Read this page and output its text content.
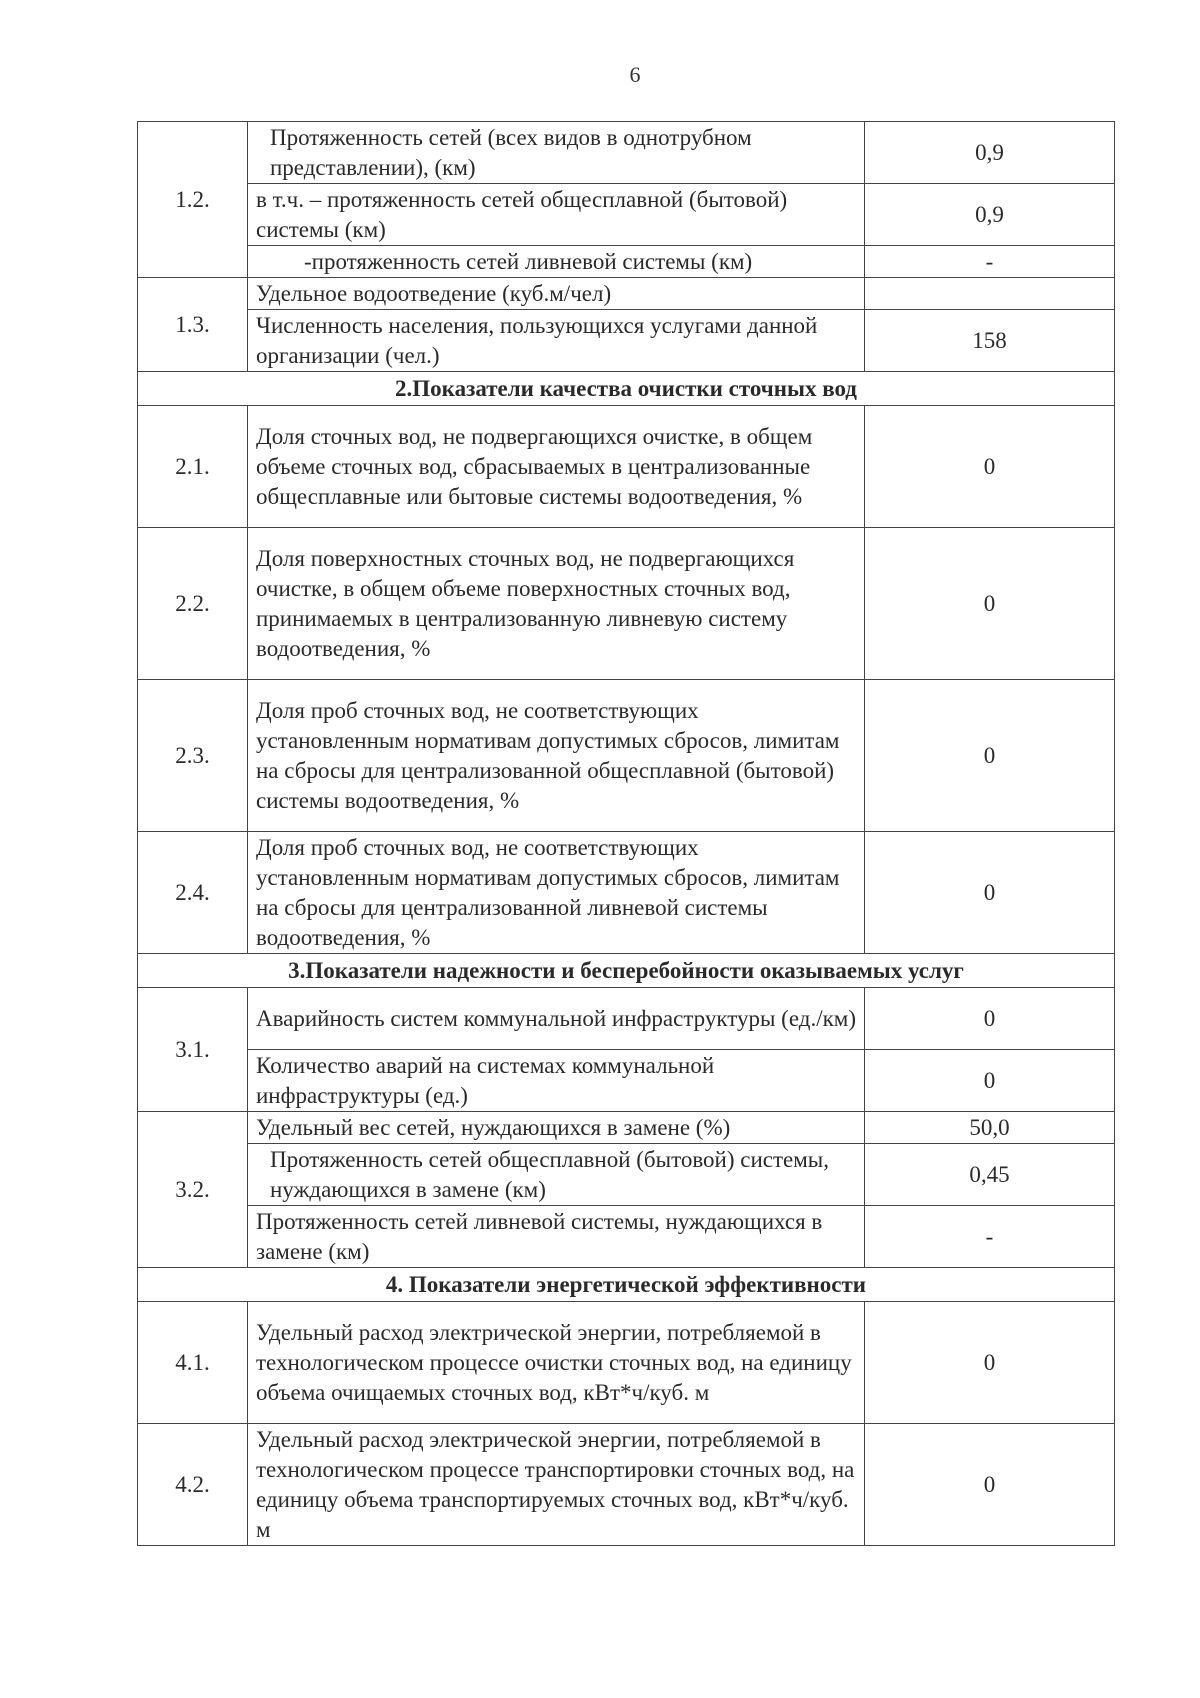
6
1.2.	Протяженность сетей (всех видов в однотрубном представлении), (км)	0,9
	в т.ч. – протяженность сетей общесплавной (бытовой) системы (км)	0,9
	-протяженность сетей ливневой системы (км)	-
1.3.	Удельное водоотведение (куб.м/чел)	
	Численность населения, пользующихся услугами данной организации (чел.)	158
2.Показатели качества очистки сточных вод		
2.1.	Доля сточных вод, не подвергающихся очистке, в общем объеме сточных вод, сбрасываемых в централизованные общесплавные или бытовые системы водоотведения, %	0
2.2.	Доля поверхностных сточных вод, не подвергающихся очистке, в общем объеме поверхностных сточных вод, принимаемых в централизованную ливневую систему водоотведения, %	0
2.3.	Доля проб сточных вод, не соответствующих установленным нормативам допустимых сбросов, лимитам на сбросы для централизованной общесплавной (бытовой) системы водоотведения, %	0
2.4.	Доля проб сточных вод, не соответствующих установленным нормативам допустимых сбросов, лимитам на сбросы для централизованной ливневой системы водоотведения, %	0
3.Показатели надежности и бесперебойности оказываемых услуг		
3.1.	Аварийность систем коммунальной инфраструктуры (ед./км)	0
	Количество аварий на системах коммунальной инфраструктуры (ед.)	0
3.2.	Удельный вес сетей, нуждающихся в замене (%)	50,0
	Протяженность сетей общесплавной (бытовой) системы, нуждающихся в замене (км)	0,45
	Протяженность сетей ливневой системы, нуждающихся в замене (км)	-
4. Показатели энергетической эффективности		
4.1.	Удельный расход электрической энергии, потребляемой в технологическом процессе очистки сточных вод, на единицу объема очищаемых сточных вод, кВт*ч/куб. м	0
4.2.	Удельный расход электрической энергии, потребляемой в технологическом процессе транспортировки сточных вод, на единицу объема транспортируемых сточных вод, кВт*ч/куб. м	0
